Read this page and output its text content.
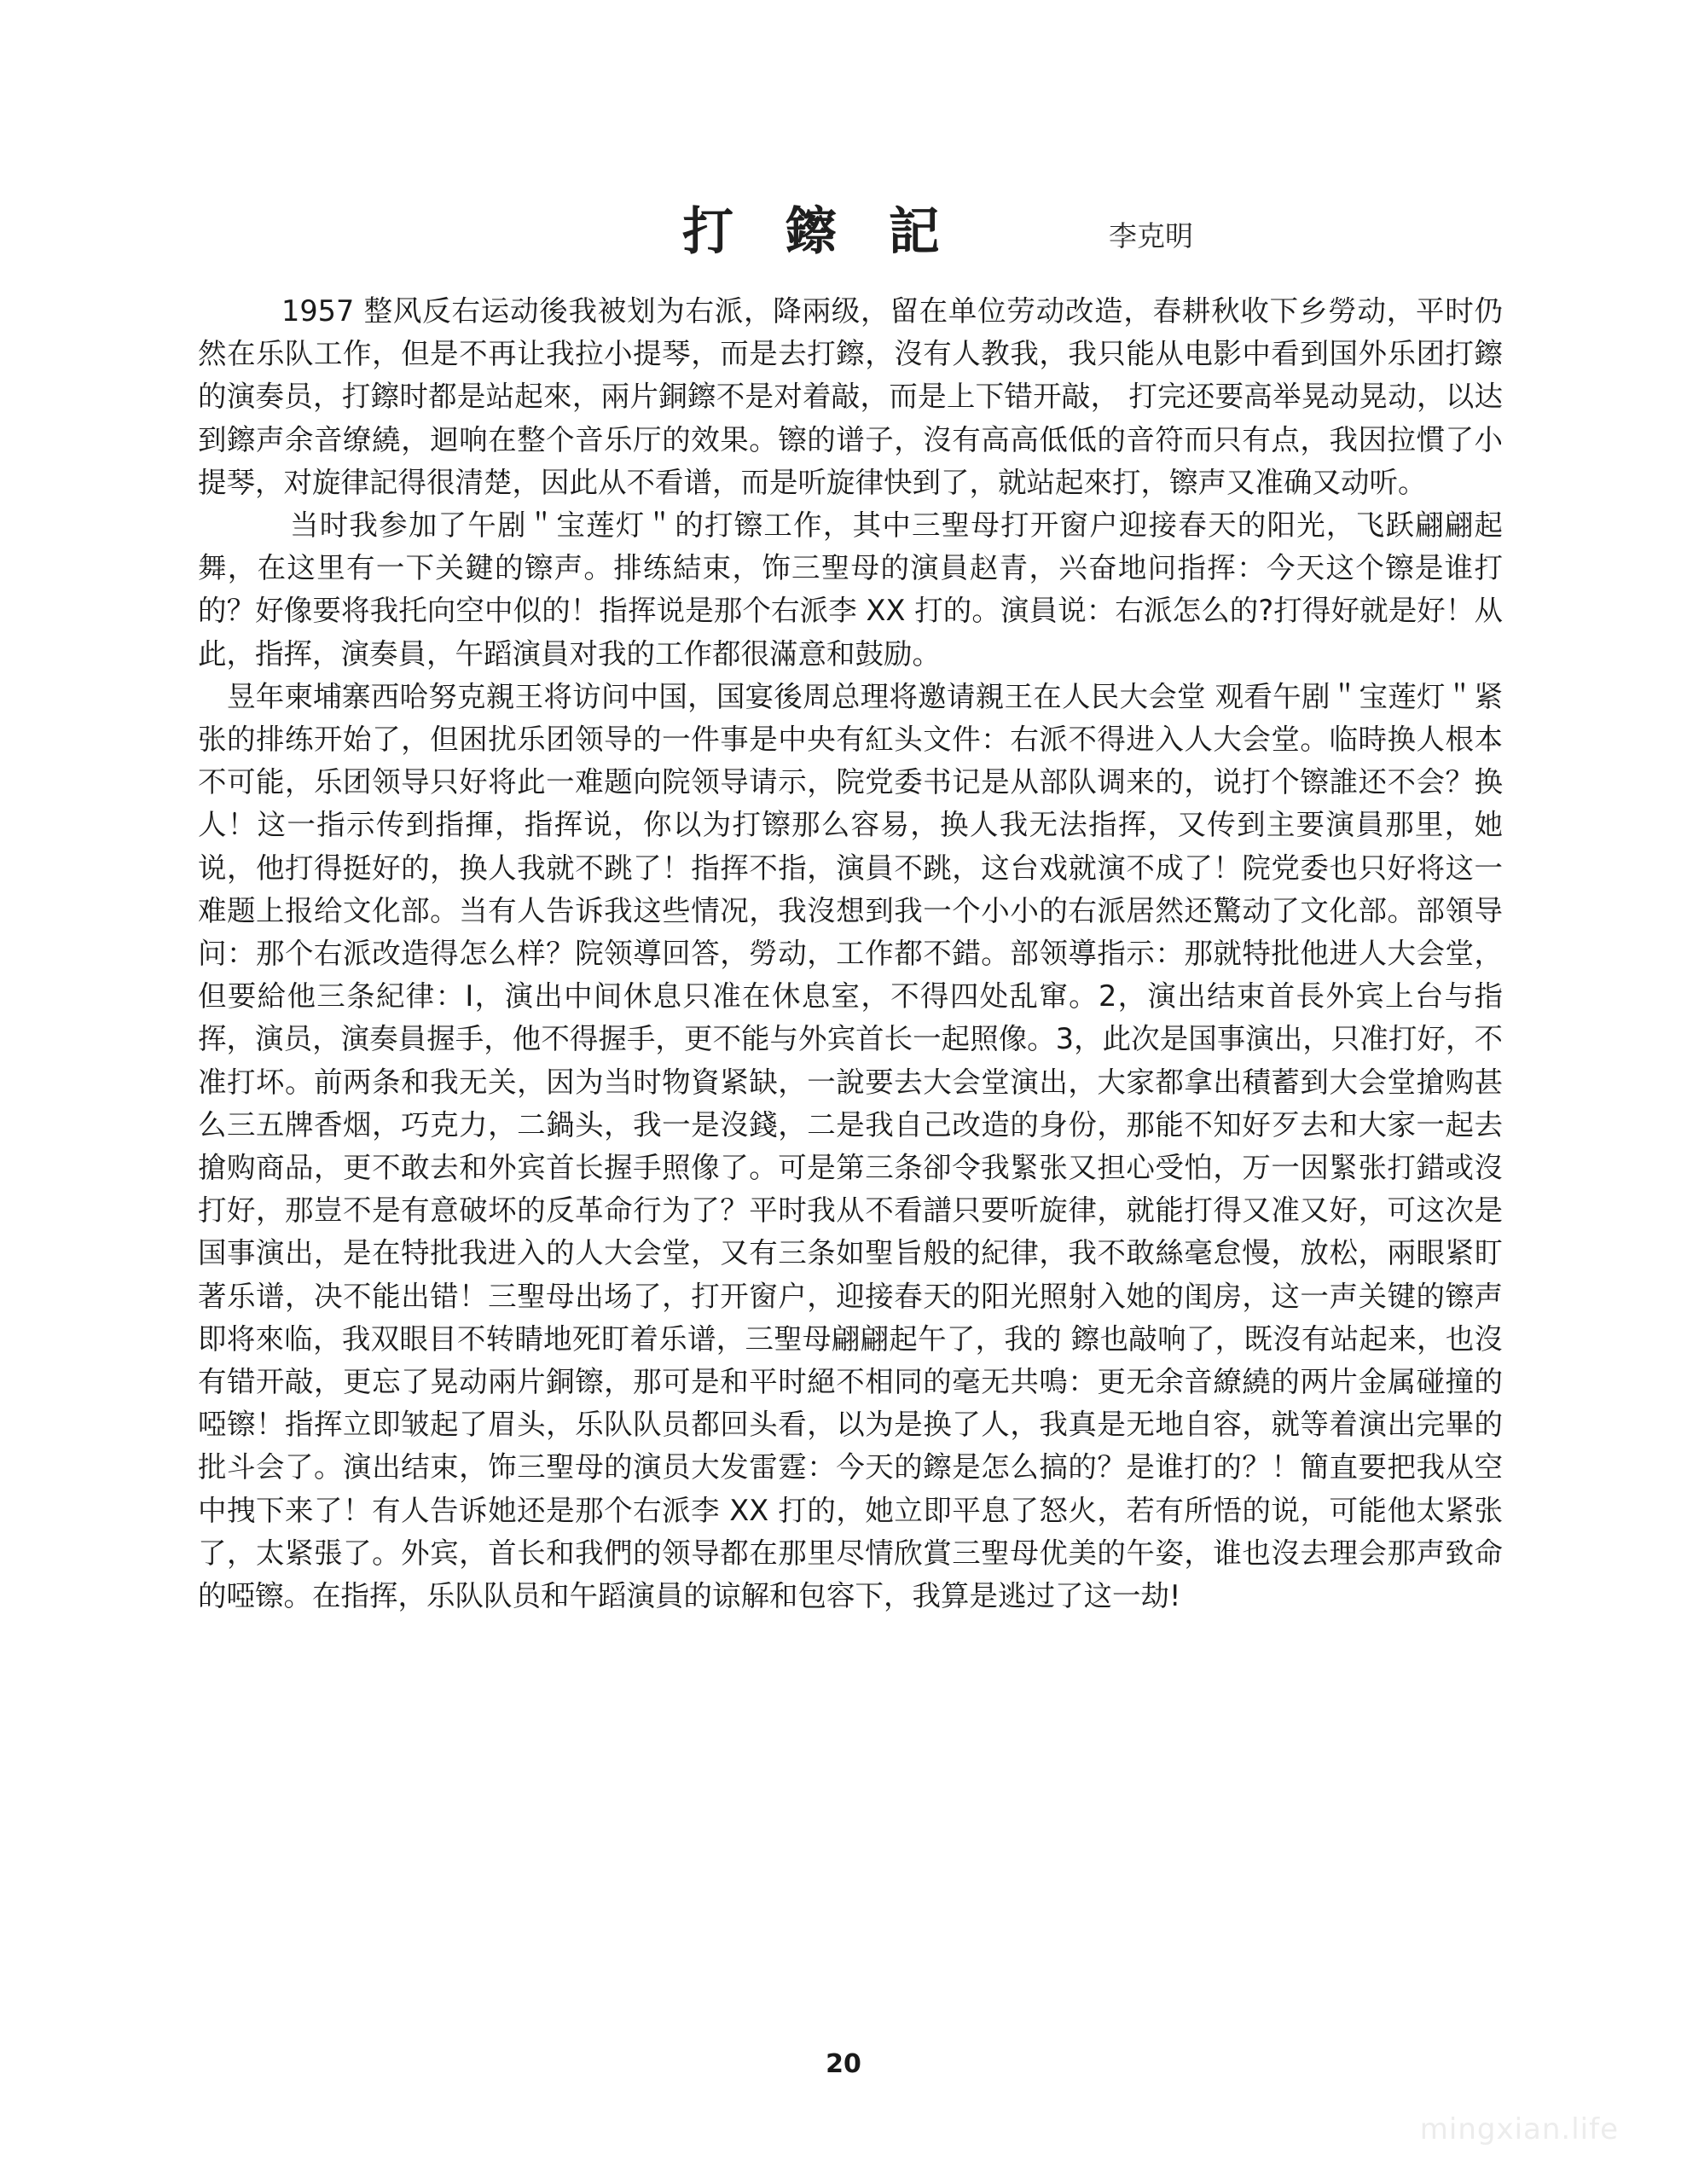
打 鑔 記	李克明

1957 整风反右运动後我被划为右派，降兩级，留在单位劳动改造，春耕秋收下乡勞动，平时仍然在乐队工作，但是不再让我拉小提琴，而是去打鑔，沒有人教我，我只能从电影中看到国外乐团打鑔的演奏员，打鑔时都是站起來，兩片銅鑔不是对着敲，而是上下错开敲， 打完还要高举晃动晃动，以达到鑔声余音缭繞，迴响在整个音乐厅的效果。镲的谱子，沒有高高低低的音符而只有点，我因拉慣了小提琴，对旋律記得很清楚，因此从不看谱，而是听旋律快到了，就站起來打，镲声又准确又动听。

当时我参加了午剧＂宝莲灯＂的打镲工作，其中三聖母打开窗户迎接春天的阳光，飞跃翩翩起舞，在这里有一下关鍵的镲声。排练結束，饰三聖母的演員赵青，兴奋地问指挥：今天这个镲是谁打的？好像要将我托向空中似的！指挥说是那个右派李 XX 打的。演員说：右派怎么的?打得好就是好！从此，指挥，演奏員，午蹈演員对我的工作都很滿意和鼓励。

昱年柬埔寨西哈努克親王将访问中国，国宴後周总理将邀请親王在人民大会堂 观看午剧＂宝莲灯＂紧张的排练开始了，但困扰乐团领导的一件事是中央有紅头文件：右派不得进入人大会堂。临時换人根本不可能，乐团领导只好将此一难题向院领导请示，院党委书记是从部队调来的，说打个镲誰还不会？换人！这一指示传到指揮，指挥说，你以为打镲那么容易，换人我无法指挥，又传到主要演員那里，她说，他打得挺好的，换人我就不跳了！指挥不指，演員不跳，这台戏就演不成了！院党委也只好将这一难题上报给文化部。当有人告诉我这些情况，我沒想到我一个小小的右派居然还驚动了文化部。部領导问：那个右派改造得怎么样？院领導回答，勞动，工作都不錯。部领導指示：那就特批他进人大会堂，但要給他三条紀律：I，演出中间休息只准在休息室，不得四处乱窜。2，演出结束首長外宾上台与指挥，演员，演奏員握手，他不得握手，更不能与外宾首长一起照像。3，此次是国事演出，只准打好，不准打坏。前两条和我无关，因为当时物資紧缺，一說要去大会堂演出，大家都拿出積蓄到大会堂搶购甚么三五牌香烟，巧克力，二鍋头，我一是沒錢，二是我自己改造的身份，那能不知好歹去和大家一起去搶购商品，更不敢去和外宾首长握手照像了。可是第三条卻令我緊张又担心受怕，万一因緊张打錯或沒打好，那豈不是有意破坏的反革命行为了？平时我从不看譜只要听旋律，就能打得又准又好，可这次是国事演出，是在特批我进入的人大会堂，又有三条如聖旨般的紀律，我不敢絲毫怠慢，放松，兩眼紧盯著乐谱，决不能出错！三聖母出场了，打开窗户，迎接春天的阳光照射入她的闺房，这一声关键的镲声即将來临，我双眼目不转睛地死盯着乐谱，三聖母翩翩起午了，我的 鑔也敲响了，既沒有站起来，也沒有错开敲，更忘了晃动兩片銅镲，那可是和平时絕不相同的毫无共鳴：更无余音繚繞的两片金属碰撞的啞镲！指挥立即皱起了眉头，乐队队员都回头看，以为是换了人，我真是无地自容，就等着演出完畢的批斗会了。演出结束，饰三聖母的演员大发雷霆：今天的鑔是怎么搞的？是谁打的？！簡直要把我从空中拽下来了！有人告诉她还是那个右派李 XX 打的，她立即平息了怒火，若有所悟的说，可能他太紧张了，太紧張了。外宾，首长和我們的领导都在那里尽情欣賞三聖母优美的午姿，谁也沒去理会那声致命的啞镲。在指挥，乐队队员和午蹈演員的谅解和包容下，我算是逃过了这一劫!

20
mingxian.life
